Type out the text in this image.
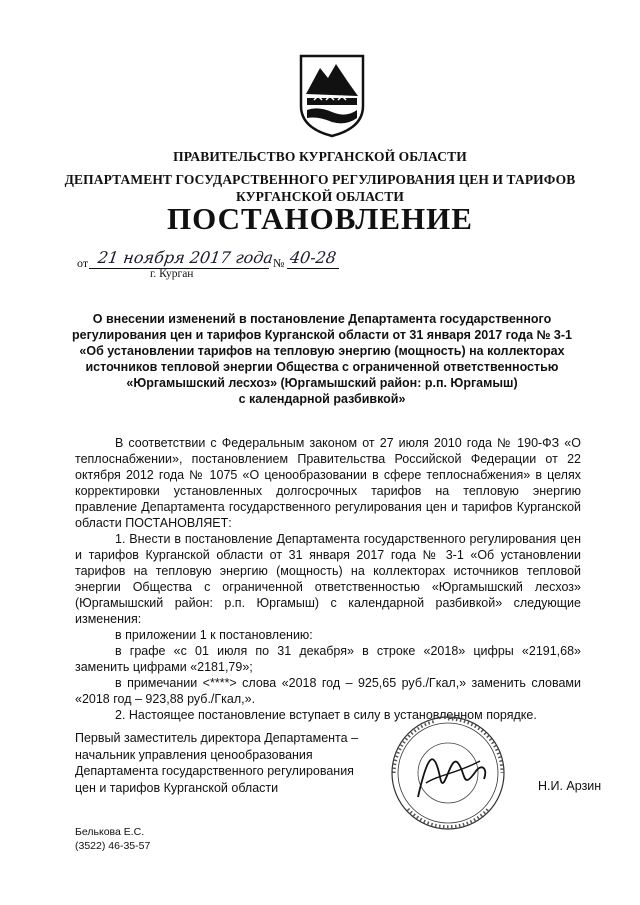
ПРАВИТЕЛЬСТВО КУРГАНСКОЙ ОБЛАСТИ
ДЕПАРТАМЕНТ ГОСУДАРСТВЕННОГО РЕГУЛИРОВАНИЯ ЦЕН И ТАРИФОВ
КУРГАНСКОЙ ОБЛАСТИ
ПОСТАНОВЛЕНИЕ
от 21 ноября 2017 года
№ 40-28
г. Курган
О внесении изменений в постановление Департамента государственного
регулирования цен и тарифов Курганской области от 31 января 2017 года № 3-1
«Об установлении тарифов на тепловую энергию (мощность) на коллекторах
источников тепловой энергии Общества с ограниченной ответственностью
«Юргамышский лесхоз» (Юргамышский район: р.п. Юргамыш)
с календарной разбивкой»

В соответствии с Федеральным законом от 27 июля 2010 года № 190-ФЗ «О теплоснабжении», постановлением Правительства Российской Федерации от 22 октября 2012 года № 1075 «О ценообразовании в сфере теплоснабжения» в целях корректировки установленных долгосрочных тарифов на тепловую энергию правление Департамента государственного регулирования цен и тарифов Курганской области ПОСТАНОВЛЯЕТ:

1. Внести в постановление Департамента государственного регулирования цен и тарифов Курганской области от 31 января 2017 года № 3-1 «Об установлении тарифов на тепловую энергию (мощность) на коллекторах источников тепловой энергии Общества с ограниченной ответственностью «Юргамышский лесхоз» (Юргамышский район: р.п. Юргамыш) с календарной разбивкой» следующие изменения:

в приложении 1 к постановлению:

в графе «с 01 июля по 31 декабря» в строке «2018» цифры «2191,68» заменить цифрами «2181,79»;

в примечании <****> слова «2018 год – 925,65 руб./Гкал,» заменить словами «2018 год – 923,88 руб./Гкал,».

2. Настоящее постановление вступает в силу в установленном порядке.

Первый заместитель директора Департамента –
начальник управления ценообразования
Департамента государственного регулирования
цен и тарифов Курганской области	Н.И. Арзин
Белькова Е.С.
(3522) 46-35-57
